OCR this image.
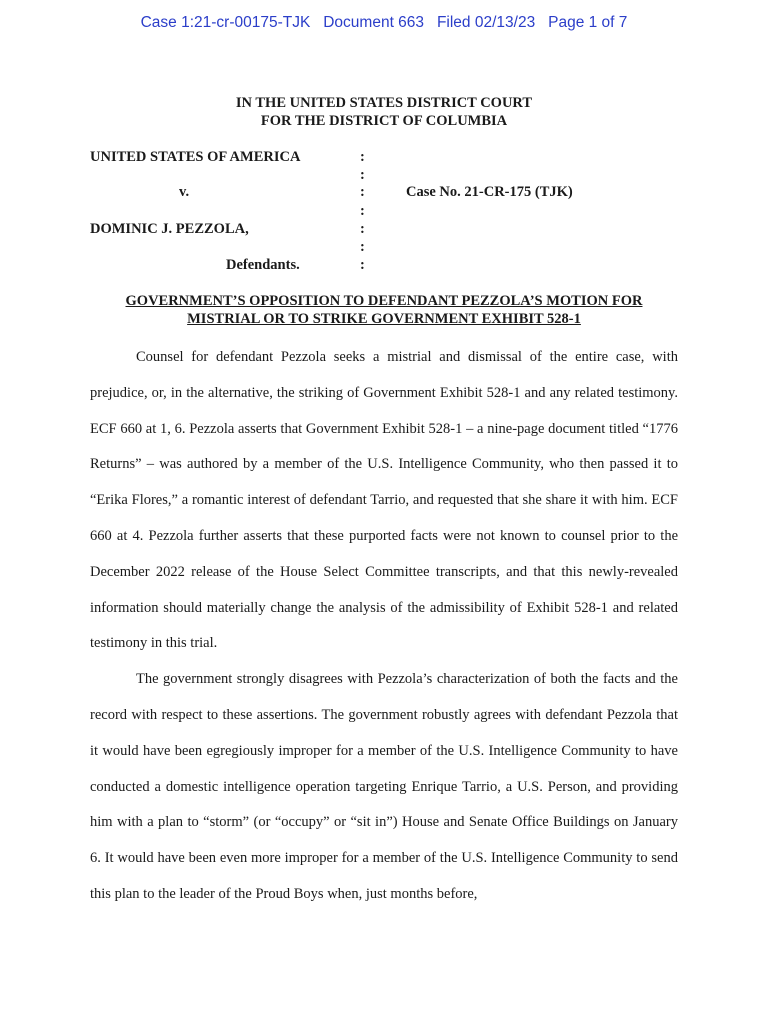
Case 1:21-cr-00175-TJK   Document 663   Filed 02/13/23   Page 1 of 7
IN THE UNITED STATES DISTRICT COURT
FOR THE DISTRICT OF COLUMBIA
UNITED STATES OF AMERICA
v.
DOMINIC J. PEZZOLA,
Defendants.
Case No. 21-CR-175 (TJK)
:
:
:
:
:
:
:
GOVERNMENT’S OPPOSITION TO DEFENDANT PEZZOLA’S MOTION FOR
MISTRIAL OR TO STRIKE GOVERNMENT EXHIBIT 528-1

Counsel for defendant Pezzola seeks a mistrial and dismissal of the entire case, with prejudice, or, in the alternative, the striking of Government Exhibit 528-1 and any related testimony. ECF 660 at 1, 6. Pezzola asserts that Government Exhibit 528-1 – a nine-page document titled “1776 Returns” – was authored by a member of the U.S. Intelligence Community, who then passed it to “Erika Flores,” a romantic interest of defendant Tarrio, and requested that she share it with him. ECF 660 at 4. Pezzola further asserts that these purported facts were not known to counsel prior to the December 2022 release of the House Select Committee transcripts, and that this newly-revealed information should materially change the analysis of the admissibility of Exhibit 528-1 and related testimony in this trial.

The government strongly disagrees with Pezzola’s characterization of both the facts and the record with respect to these assertions. The government robustly agrees with defendant Pezzola that it would have been egregiously improper for a member of the U.S. Intelligence Community to have conducted a domestic intelligence operation targeting Enrique Tarrio, a U.S. Person, and providing him with a plan to “storm” (or “occupy” or “sit in”) House and Senate Office Buildings on January 6. It would have been even more improper for a member of the U.S. Intelligence Community to send this plan to the leader of the Proud Boys when, just months before,
